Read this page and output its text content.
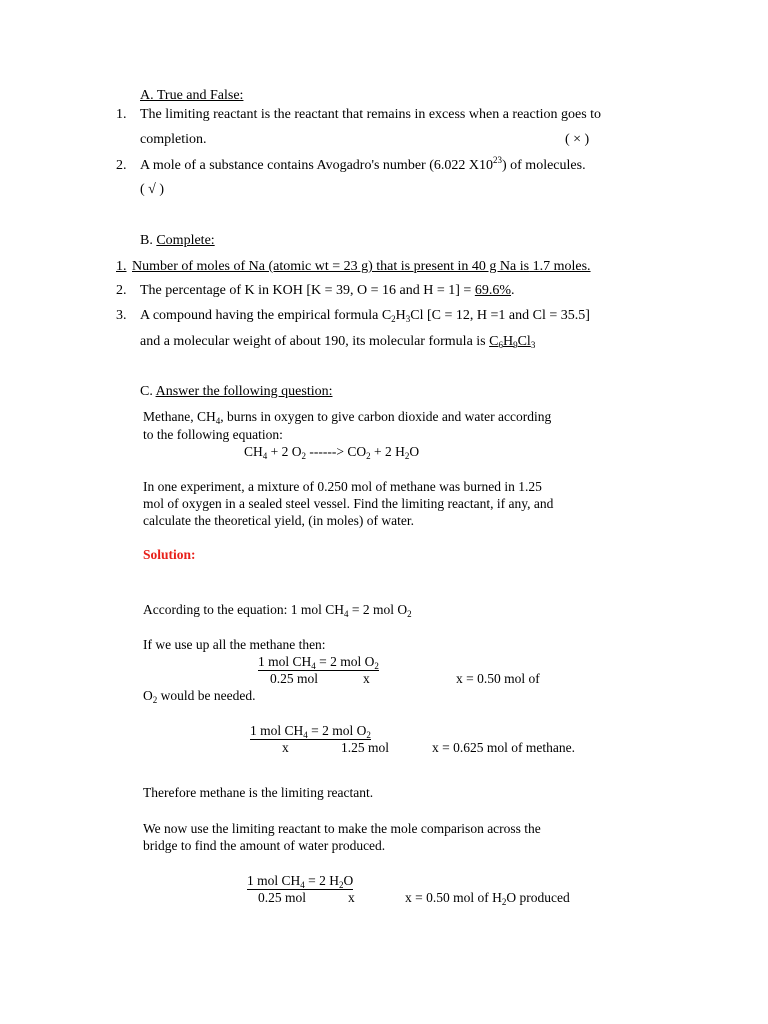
A. True and False:
1. The limiting reactant is the reactant that remains in excess when a reaction goes to
completion.	( × )
2. A mole of a substance contains Avogadro's number (6.022 $X10^{23}$) of molecules.
( √ )
B. Complete:
1. Number of moles of Na (atomic wt = 23 g) that is present in 40 g Na is 1.7 moles.
2. The percentage of K in KOH [K = 39, O = 16 and H = 1] = 69.6%.
3. A compound having the empirical formula $C_2H_3Cl$ [C = 12, H =1 and Cl = 35.5]
and a molecular weight of about 190, its molecular formula is $C_6H_9Cl_3$
C. Answer the following question:
Methane, $CH_4$, burns in oxygen to give carbon dioxide and water according
to the following equation:
$CH_4 + 2$ $O_2$ ------> $CO_2 + 2$ $H_2O$
In one experiment, a mixture of 0.250 mol of methane was burned in 1.25
mol of oxygen in a sealed steel vessel. Find the limiting reactant, if any, and
calculate the theoretical yield, (in moles) of water.
Solution:
According to the equation: 1 mol $CH_4 = 2$ mol $O_2$
If we use up all the methane then:
1 mol $CH_4 = 2$ mol $O_2$
0.25 mol	x	x = 0.50 mol of
$O_2$ would be needed.
1 mol $CH_4 = 2$ mol $O_2$
x	1.25 mol	x = 0.625 mol of methane.
Therefore methane is the limiting reactant.
We now use the limiting reactant to make the mole comparison across the
bridge to find the amount of water produced.
1 mol $CH_4 = 2$ $H_2O$
0.25 mol	x	x = 0.50 mol of $H_2O$ produced
